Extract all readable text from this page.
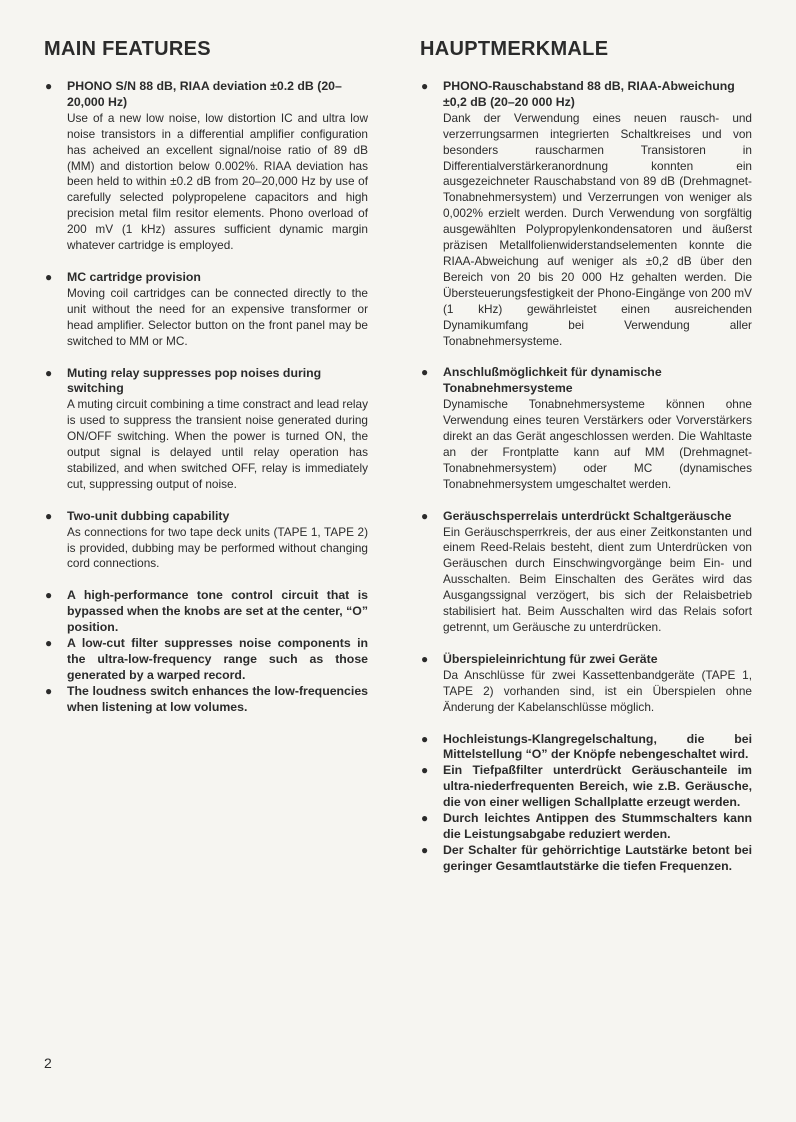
MAIN FEATURES
● PHONO S/N 88 dB, RIAA deviation ±0.2 dB (20–20,000 Hz)
Use of a new low noise, low distortion IC and ultra low noise transistors in a differential amplifier configuration has acheived an excellent signal/noise ratio of 89 dB (MM) and distortion below 0.002%. RIAA deviation has been held to within ±0.2 dB from 20–20,000 Hz by use of carefully selected polypropelene capacitors and high precision metal film resitor elements. Phono overload of 200 mV (1 kHz) assures sufficient dynamic margin whatever cartridge is employed.
● MC cartridge provision
Moving coil cartridges can be connected directly to the unit without the need for an expensive transformer or head amplifier. Selector button on the front panel may be switched to MM or MC.
● Muting relay suppresses pop noises during switching
A muting circuit combining a time constract and lead relay is used to suppress the transient noise generated during ON/OFF switching. When the power is turned ON, the output signal is delayed until relay operation has stabilized, and when switched OFF, relay is immediately cut, suppressing output of noise.
● Two-unit dubbing capability
As connections for two tape deck units (TAPE 1, TAPE 2) is provided, dubbing may be performed without changing cord connections.
● A high-performance tone control circuit that is bypassed when the knobs are set at the center, “O” position.
● A low-cut filter suppresses noise components in the ultra-low-frequency range such as those generated by a warped record.
● The loudness switch enhances the low-frequencies when listening at low volumes.
HAUPTMERKMALE
● PHONO-Rauschabstand 88 dB, RIAA-Abweichung ±0,2 dB (20–20 000 Hz)
Dank der Verwendung eines neuen rausch- und verzerrungsarmen integrierten Schaltkreises und von besonders rauscharmen Transistoren in Differentialverstärkeranordnung konnten ein ausgezeichneter Rauschabstand von 89 dB (Drehmagnet-Tonabnehmersystem) und Verzerrungen von weniger als 0,002% erzielt werden. Durch Verwendung von sorgfältig ausgewählten Polypropylenkondensatoren und äußerst präzisen Metallfolienwiderstandselementen konnte die RIAA-Abweichung auf weniger als ±0,2 dB über den Bereich von 20 bis 20 000 Hz gehalten werden. Die Übersteuerungsfestigkeit der Phono-Eingänge von 200 mV (1 kHz) gewährleistet einen ausreichenden Dynamikumfang bei Verwendung aller Tonabnehmersysteme.
● Anschlußmöglichkeit für dynamische Tonabnehmersysteme
Dynamische Tonabnehmersysteme können ohne Verwendung eines teuren Verstärkers oder Vorverstärkers direkt an das Gerät angeschlossen werden. Die Wahltaste an der Frontplatte kann auf MM (Drehmagnet-Tonabnehmersystem) oder MC (dynamisches Tonabnehmersystem umgeschaltet werden.
● Geräuschsperrelais unterdrückt Schaltgeräusche
Ein Geräuschsperrkreis, der aus einer Zeitkonstanten und einem Reed-Relais besteht, dient zum Unterdrücken von Geräuschen durch Einschwingvorgänge beim Ein- und Ausschalten. Beim Einschalten des Gerätes wird das Ausgangssignal verzögert, bis sich der Relaisbetrieb stabilisiert hat. Beim Ausschalten wird das Relais sofort getrennt, um Geräusche zu unterdrücken.
● Überspieleinrichtung für zwei Geräte
Da Anschlüsse für zwei Kassettenbandgeräte (TAPE 1, TAPE 2) vorhanden sind, ist ein Überspielen ohne Änderung der Kabelanschlüsse möglich.
● Hochleistungs-Klangregelschaltung, die bei Mittelstellung “O” der Knöpfe nebengeschaltet wird.
● Ein Tiefpaßfilter unterdrückt Geräuschanteile im ultra-niederfrequenten Bereich, wie z.B. Geräusche, die von einer welligen Schallplatte erzeugt werden.
● Durch leichtes Antippen des Stummschalters kann die Leistungsabgabe reduziert werden.
● Der Schalter für gehörrichtige Lautstärke betont bei geringer Gesamtlautstärke die tiefen Frequenzen.
2
